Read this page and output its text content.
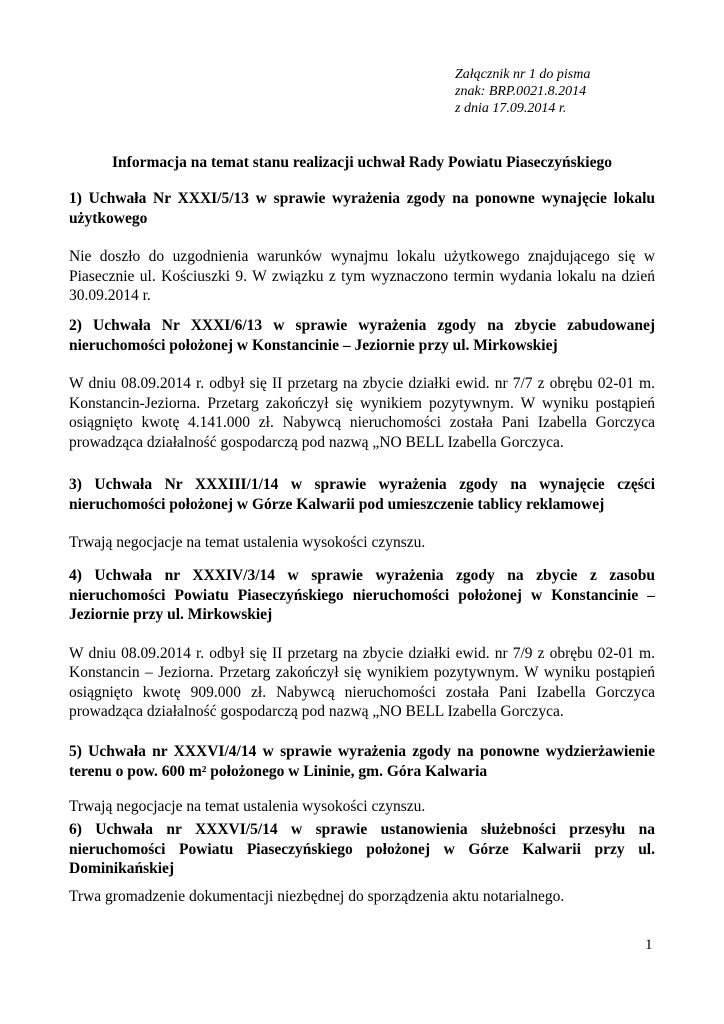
Załącznik nr 1 do pisma
znak: BRP.0021.8.2014
z dnia 17.09.2014 r.
Informacja na temat stanu realizacji uchwał Rady Powiatu Piaseczyńskiego

1) Uchwała Nr XXXI/5/13 w sprawie wyrażenia zgody na ponowne wynajęcie lokalu użytkowego

Nie doszło do uzgodnienia warunków wynajmu lokalu użytkowego znajdującego się w Piasecznie ul. Kościuszki 9. W związku z tym wyznaczono termin wydania lokalu na dzień 30.09.2014 r.

2) Uchwała Nr XXXI/6/13 w sprawie wyrażenia zgody na zbycie zabudowanej nieruchomości położonej w Konstancinie – Jeziornie przy ul. Mirkowskiej

W dniu 08.09.2014 r. odbył się II przetarg na zbycie działki ewid. nr 7/7 z obrębu 02-01 m. Konstancin-Jeziorna. Przetarg zakończył się wynikiem pozytywnym. W wyniku postąpień osiągnięto kwotę 4.141.000 zł. Nabywcą nieruchomości została Pani Izabella Gorczyca prowadząca działalność gospodarczą pod nazwą „NO BELL Izabella Gorczyca.

3) Uchwała Nr XXXIII/1/14 w sprawie wyrażenia zgody na wynajęcie części nieruchomości położonej w Górze Kalwarii pod umieszczenie tablicy reklamowej

Trwają negocjacje na temat ustalenia wysokości czynszu.

4) Uchwała nr XXXIV/3/14 w sprawie wyrażenia zgody na zbycie z zasobu nieruchomości Powiatu Piaseczyńskiego nieruchomości położonej w Konstancinie – Jeziornie przy ul. Mirkowskiej

W dniu 08.09.2014 r. odbył się II przetarg na zbycie działki ewid. nr 7/9 z obrębu 02-01 m. Konstancin – Jeziorna. Przetarg zakończył się wynikiem pozytywnym. W wyniku postąpień osiągnięto kwotę 909.000 zł. Nabywcą nieruchomości została Pani Izabella Gorczyca prowadząca działalność gospodarczą pod nazwą „NO BELL Izabella Gorczyca.

5) Uchwała nr XXXVI/4/14 w sprawie wyrażenia zgody na ponowne wydzierżawienie terenu o pow. 600 m² położonego w Lininie, gm. Góra Kalwaria

Trwają negocjacje na temat ustalenia wysokości czynszu.

6) Uchwała nr XXXVI/5/14 w sprawie ustanowienia służebności przesyłu na nieruchomości Powiatu Piaseczyńskiego położonej w Górze Kalwarii przy ul. Dominikańskiej

Trwa gromadzenie dokumentacji niezbędnej do sporządzenia aktu notarialnego.

1
